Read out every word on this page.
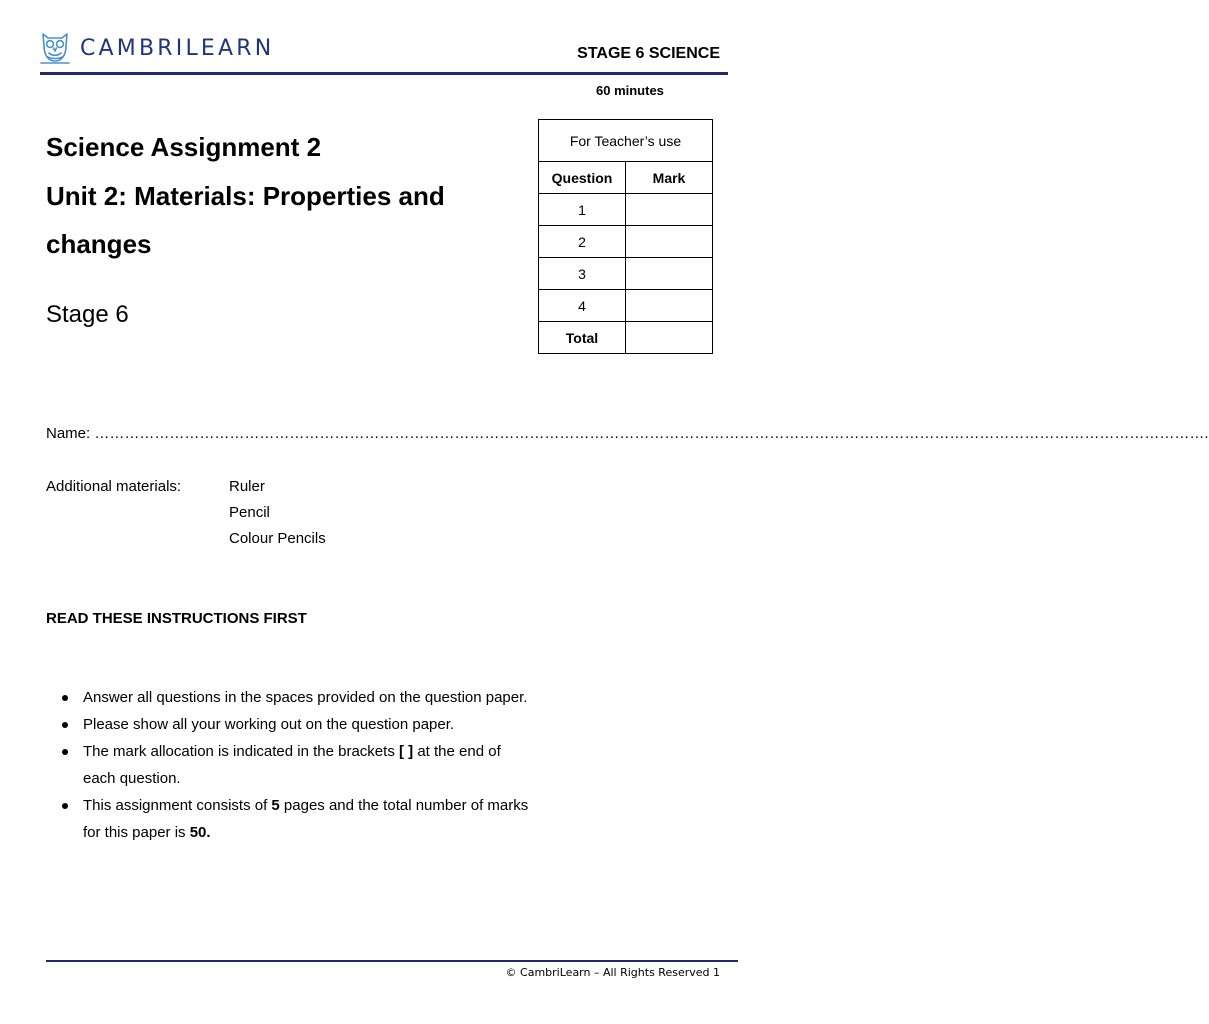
CAMBRILEARN	STAGE 6 SCIENCE
60 minutes
Science Assignment 2
Unit 2: Materials: Properties and
changes
Stage 6
For Teacher’s use	
Question	Mark
1	
2	
3	
4	
Total	
Name: …………………………………………………………………………………………………………………………………………………………………………………………………….
Additional materials:	Ruler
Pencil
Colour Pencils
READ THESE INSTRUCTIONS FIRST
Answer all questions in the spaces provided on the question paper.
Please show all your working out on the question paper.
The mark allocation is indicated in the brackets [ ] at the end of each question.
This assignment consists of 5 pages and the total number of marks for this paper is 50.
© CambriLearn – All Rights Reserved 1
